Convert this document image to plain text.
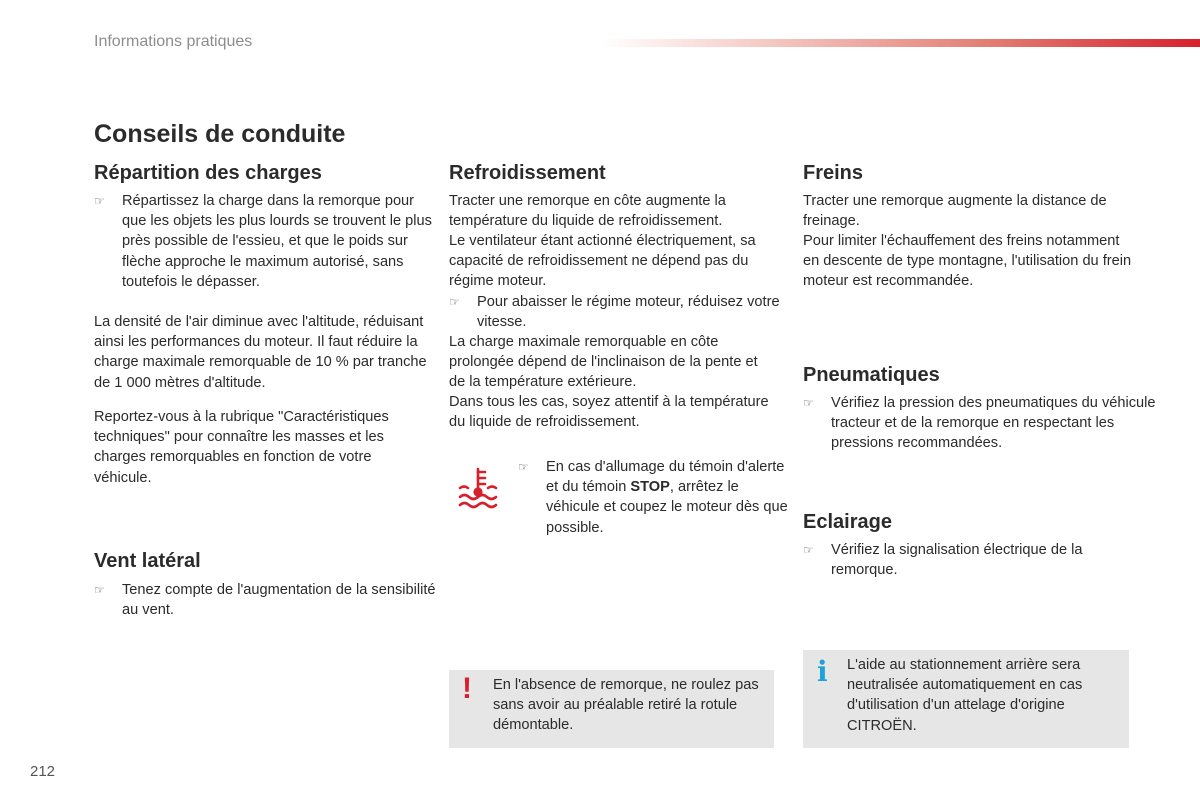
Informations pratiques
Conseils de conduite
Répartition des charges

☞ Répartissez la charge dans la remorque pour que les objets les plus lourds se trouvent le plus près possible de l'essieu, et que le poids sur flèche approche le maximum autorisé, sans toutefois le dépasser.

La densité de l'air diminue avec l'altitude, réduisant ainsi les performances du moteur. Il faut réduire la charge maximale remorquable de 10 % par tranche de 1 000 mètres d'altitude.

Reportez-vous à la rubrique "Caractéristiques techniques" pour connaître les masses et les charges remorquables en fonction de votre véhicule.

Vent latéral

☞ Tenez compte de l'augmentation de la sensibilité au vent.

Refroidissement

Tracter une remorque en côte augmente la température du liquide de refroidissement.

Le ventilateur étant actionné électriquement, sa capacité de refroidissement ne dépend pas du régime moteur.

☞ Pour abaisser le régime moteur, réduisez votre vitesse.

La charge maximale remorquable en côte prolongée dépend de l'inclinaison de la pente et de la température extérieure.

Dans tous les cas, soyez attentif à la température du liquide de refroidissement.

☞ En cas d'allumage du témoin d'alerte et du témoin STOP, arrêtez le véhicule et coupez le moteur dès que possible.

! En l'absence de remorque, ne roulez pas sans avoir au préalable retiré la rotule démontable.

Freins

Tracter une remorque augmente la distance de freinage.

Pour limiter l'échauffement des freins notamment en descente de type montagne, l'utilisation du frein moteur est recommandée.

Pneumatiques

☞ Vérifiez la pression des pneumatiques du véhicule tracteur et de la remorque en respectant les pressions recommandées.

Eclairage

☞ Vérifiez la signalisation électrique de la remorque.

i L'aide au stationnement arrière sera neutralisée automatiquement en cas d'utilisation d'un attelage d'origine CITROËN.

212
